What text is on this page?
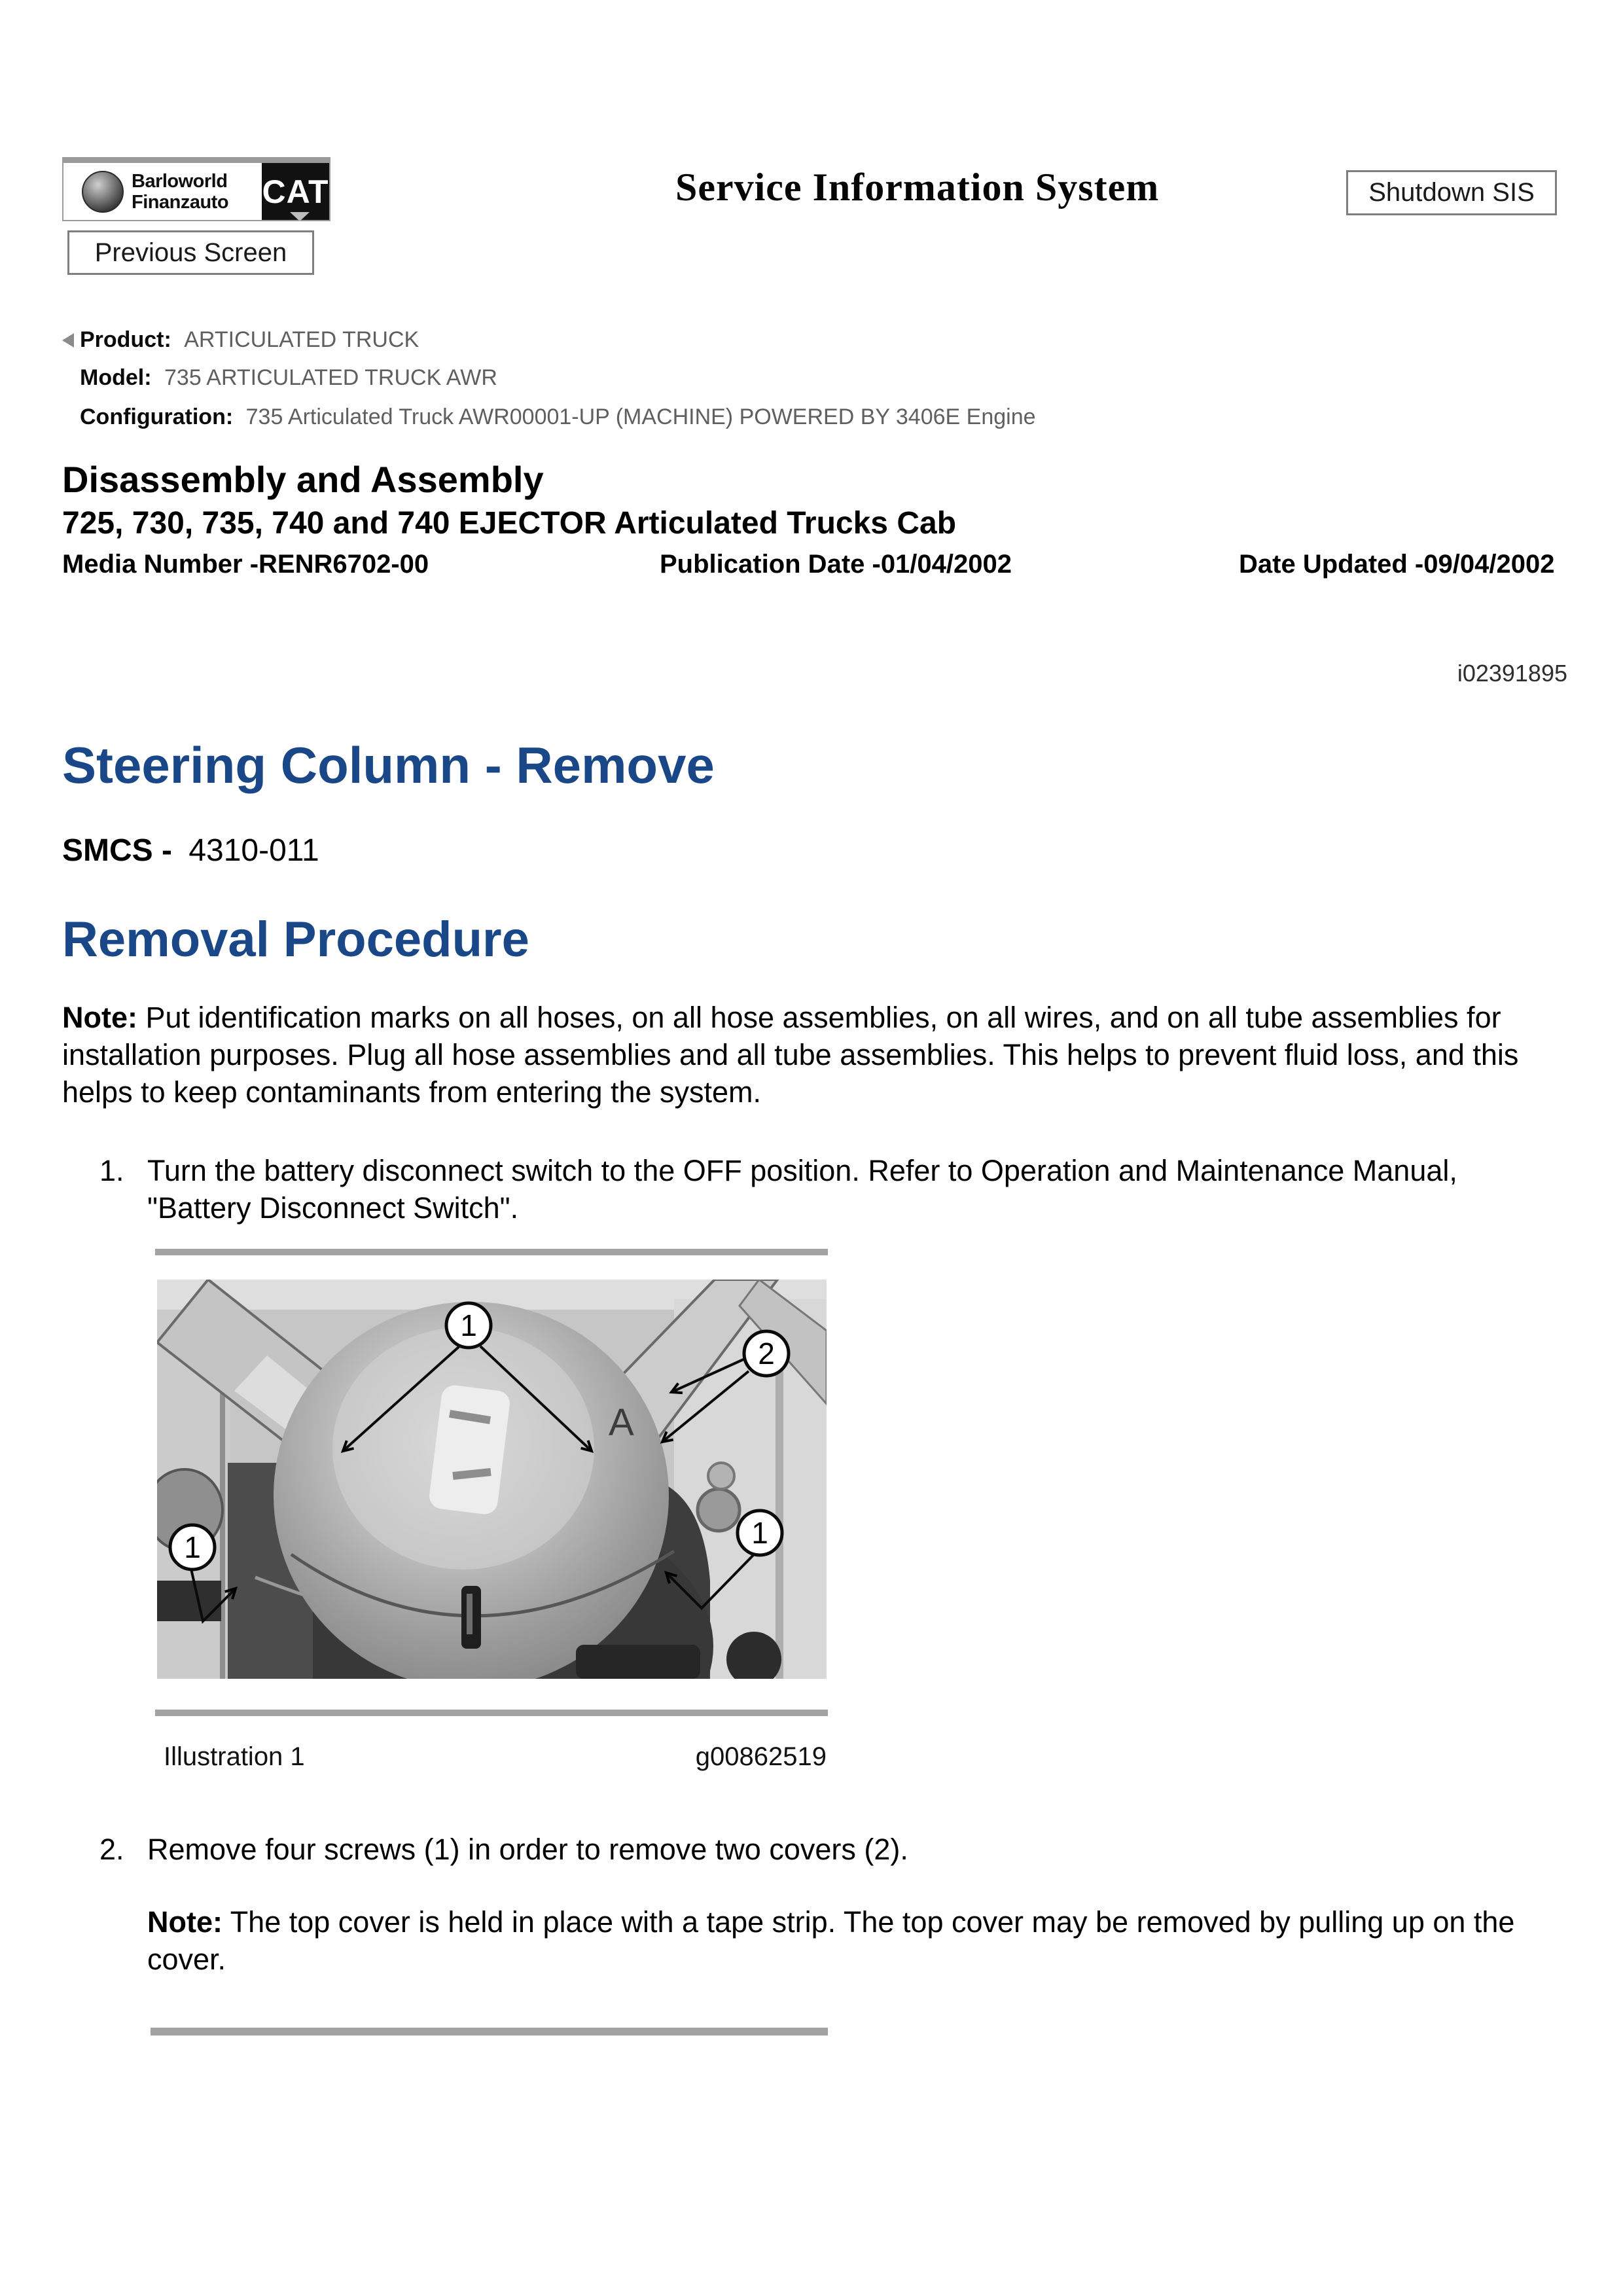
Barloworld
Finanzauto CAT	Service Information System	Shutdown SIS
Previous Screen
Product: ARTICULATED TRUCK
Model: 735 ARTICULATED TRUCK AWR
Configuration: 735 Articulated Truck AWR00001-UP (MACHINE) POWERED BY 3406E Engine
Disassembly and Assembly
725, 730, 735, 740 and 740 EJECTOR Articulated Trucks Cab
Media Number -RENR6702-00	Publication Date -01/04/2002	Date Updated -09/04/2002
i02391895
Steering Column - Remove
SMCS - 4310-011
Removal Procedure

Note: Put identification marks on all hoses, on all hose assemblies, on all wires, and on all tube assemblies for installation purposes. Plug all hose assemblies and all tube assemblies. This helps to prevent fluid loss, and this helps to keep contaminants from entering the system.

1. Turn the battery disconnect switch to the OFF position. Refer to Operation and Maintenance Manual, "Battery Disconnect Switch".
A
1
2
1	1
Illustration 1	g00862519
2. Remove four screws (1) in order to remove two covers (2).

Note: The top cover is held in place with a tape strip. The top cover may be removed by pulling up on the cover.
